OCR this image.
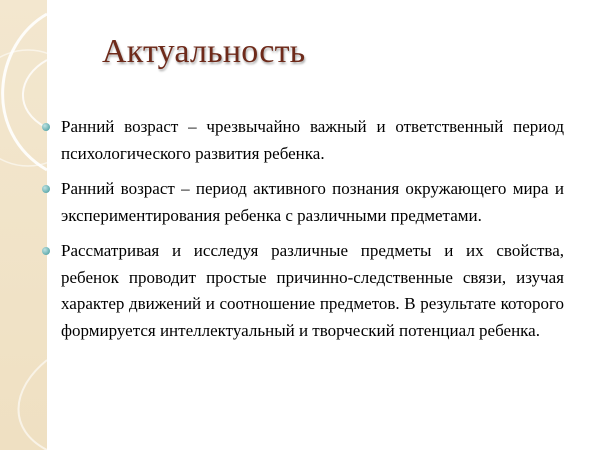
Актуальность
Ранний возраст – чрезвычайно важный и ответственный период психологического развития ребенка.
Ранний возраст – период активного познания окружающего мира и экспериментирования ребенка с различными предметами.
Рассматривая и исследуя различные предметы и их свойства, ребенок проводит простые причинно-следственные связи, изучая характер движений и соотношение предметов. В результате которого формируется интеллектуальный и творческий потенциал ребенка.
